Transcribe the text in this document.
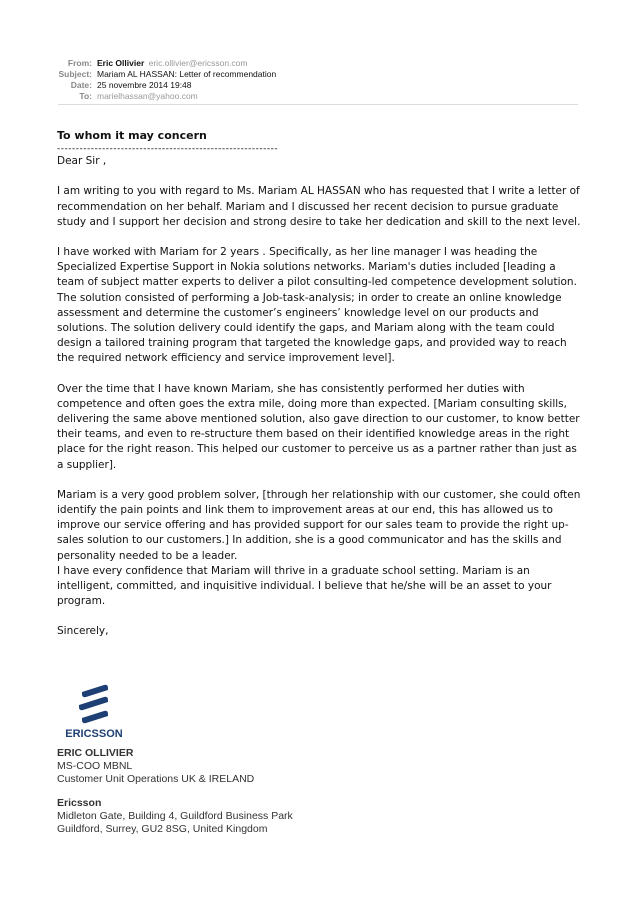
From: Eric Ollivier eric.ollivier@ericsson.com
Subject: Mariam AL HASSAN: Letter of recommendation
Date: 25 novembre 2014 19:48
To: marielhassan@yahoo.com

To whom it may concern

-----------------------------------------------------------

Dear Sir ,

I am writing to you with regard to Ms. Mariam AL HASSAN who has requested that I write a letter of recommendation on her behalf. Mariam and I discussed her recent decision to pursue graduate study and I support her decision and strong desire to take her dedication and skill to the next level.

I have worked with Mariam for 2 years . Specifically, as her line manager I was heading the Specialized Expertise Support in Nokia solutions networks. Mariam's duties included [leading a team of subject matter experts to deliver a pilot consulting-led competence development solution. The solution consisted of performing a Job-task-analysis; in order to create an online knowledge assessment and determine the customer’s engineers’ knowledge level on our products and solutions. The solution delivery could identify the gaps, and Mariam along with the team could design a tailored training program that targeted the knowledge gaps, and provided way to reach the required network efficiency and service improvement level].

Over the time that I have known Mariam, she has consistently performed her duties with competence and often goes the extra mile, doing more than expected. [Mariam consulting skills, delivering the same above mentioned solution, also gave direction to our customer, to know better their teams, and even to re-structure them based on their identified knowledge areas in the right place for the right reason. This helped our customer to perceive us as a partner rather than just as a supplier].

Mariam is a very good problem solver, [through her relationship with our customer, she could often identify the pain points and link them to improvement areas at our end, this has allowed us to improve our service offering and has provided support for our sales team to provide the right up-sales solution to our customers.] In addition, she is a good communicator and has the skills and personality needed to be a leader.

I have every confidence that Mariam will thrive in a graduate school setting. Mariam is an intelligent, committed, and inquisitive individual. I believe that he/she will be an asset to your program.

Sincerely,

ERICSSON
ERIC OLLIVIER
MS-COO MBNL
Customer Unit Operations UK & IRELAND
Ericsson
Midleton Gate, Building 4, Guildford Business Park
Guildford, Surrey, GU2 8SG, United Kingdom
